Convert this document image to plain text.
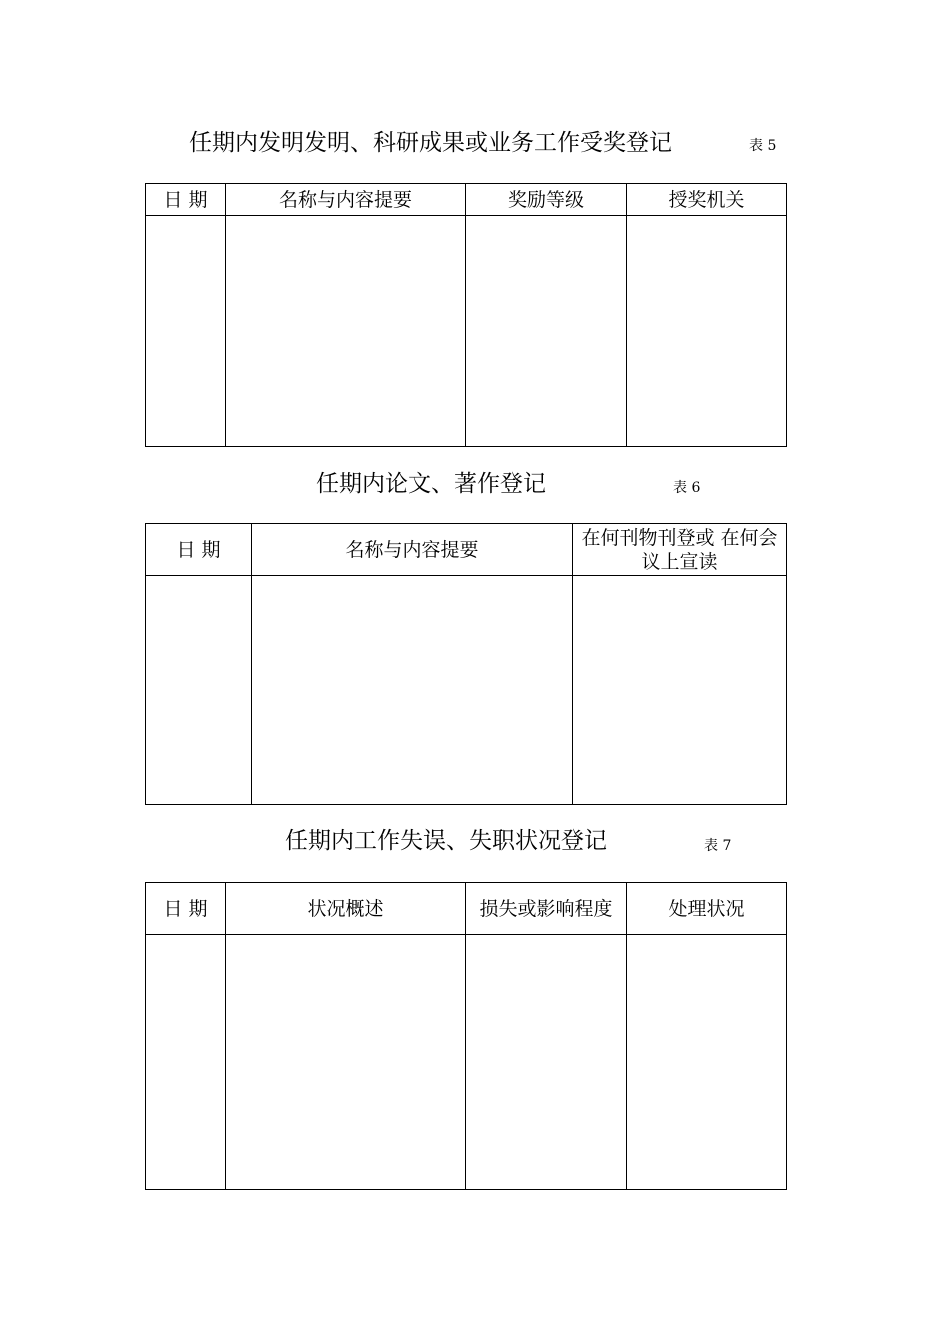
任期内发明发明、科研成果或业务工作受奖登记	表 5
日 期	名称与内容提要	奖励等级	授奖机关

任期内论文、著作登记	表 6
日 期	名称与内容提要	在何刊物刊登或 在何会议上宣读

任期内工作失误、失职状况登记	表 7
日 期	状况概述	损失或影响程度	处理状况
